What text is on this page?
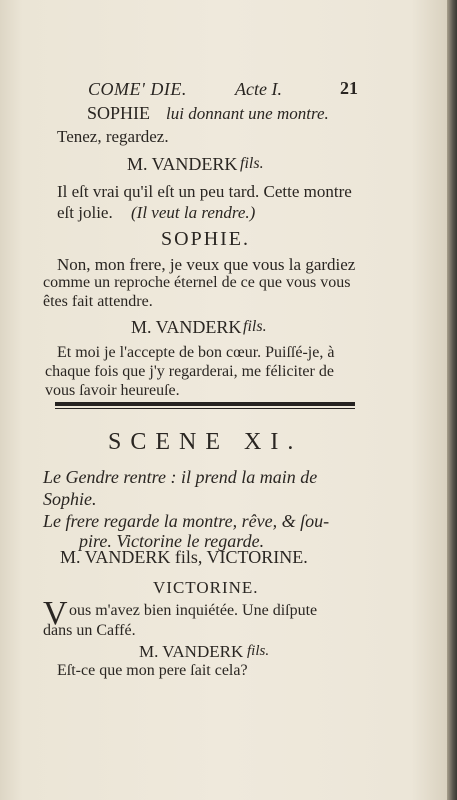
COME' DIE.	Acte I.	21
SOPHIE lui donnant une montre.
Tenez, regardez.
M. VANDERK fils.
Il eſt vrai qu'il eſt un peu tard. Cette montre
eſt jolie. (Il veut la rendre.)
SOPHIE.
Non, mon frere, je veux que vous la gardiez
comme un reproche éternel de ce que vous vous
êtes fait attendre.
M. VANDERK fils.
Et moi je l'accepte de bon cœur. Puiſſé-je, à
chaque fois que j'y regarderai, me féliciter de
vous ſavoir heureuſe.
SCENE XI.
Le Gendre rentre : il prend la main de
Sophie.
Le frere regarde la montre, rêve, & ſou-
pire. Victorine le regarde.
M. VANDERK fils, VICTORINE.
VICTORINE.
V ous m'avez bien inquiétée. Une diſpute
dans un Caffé.
M. VANDERK fils.
Eſt-ce que mon pere ſait cela?
